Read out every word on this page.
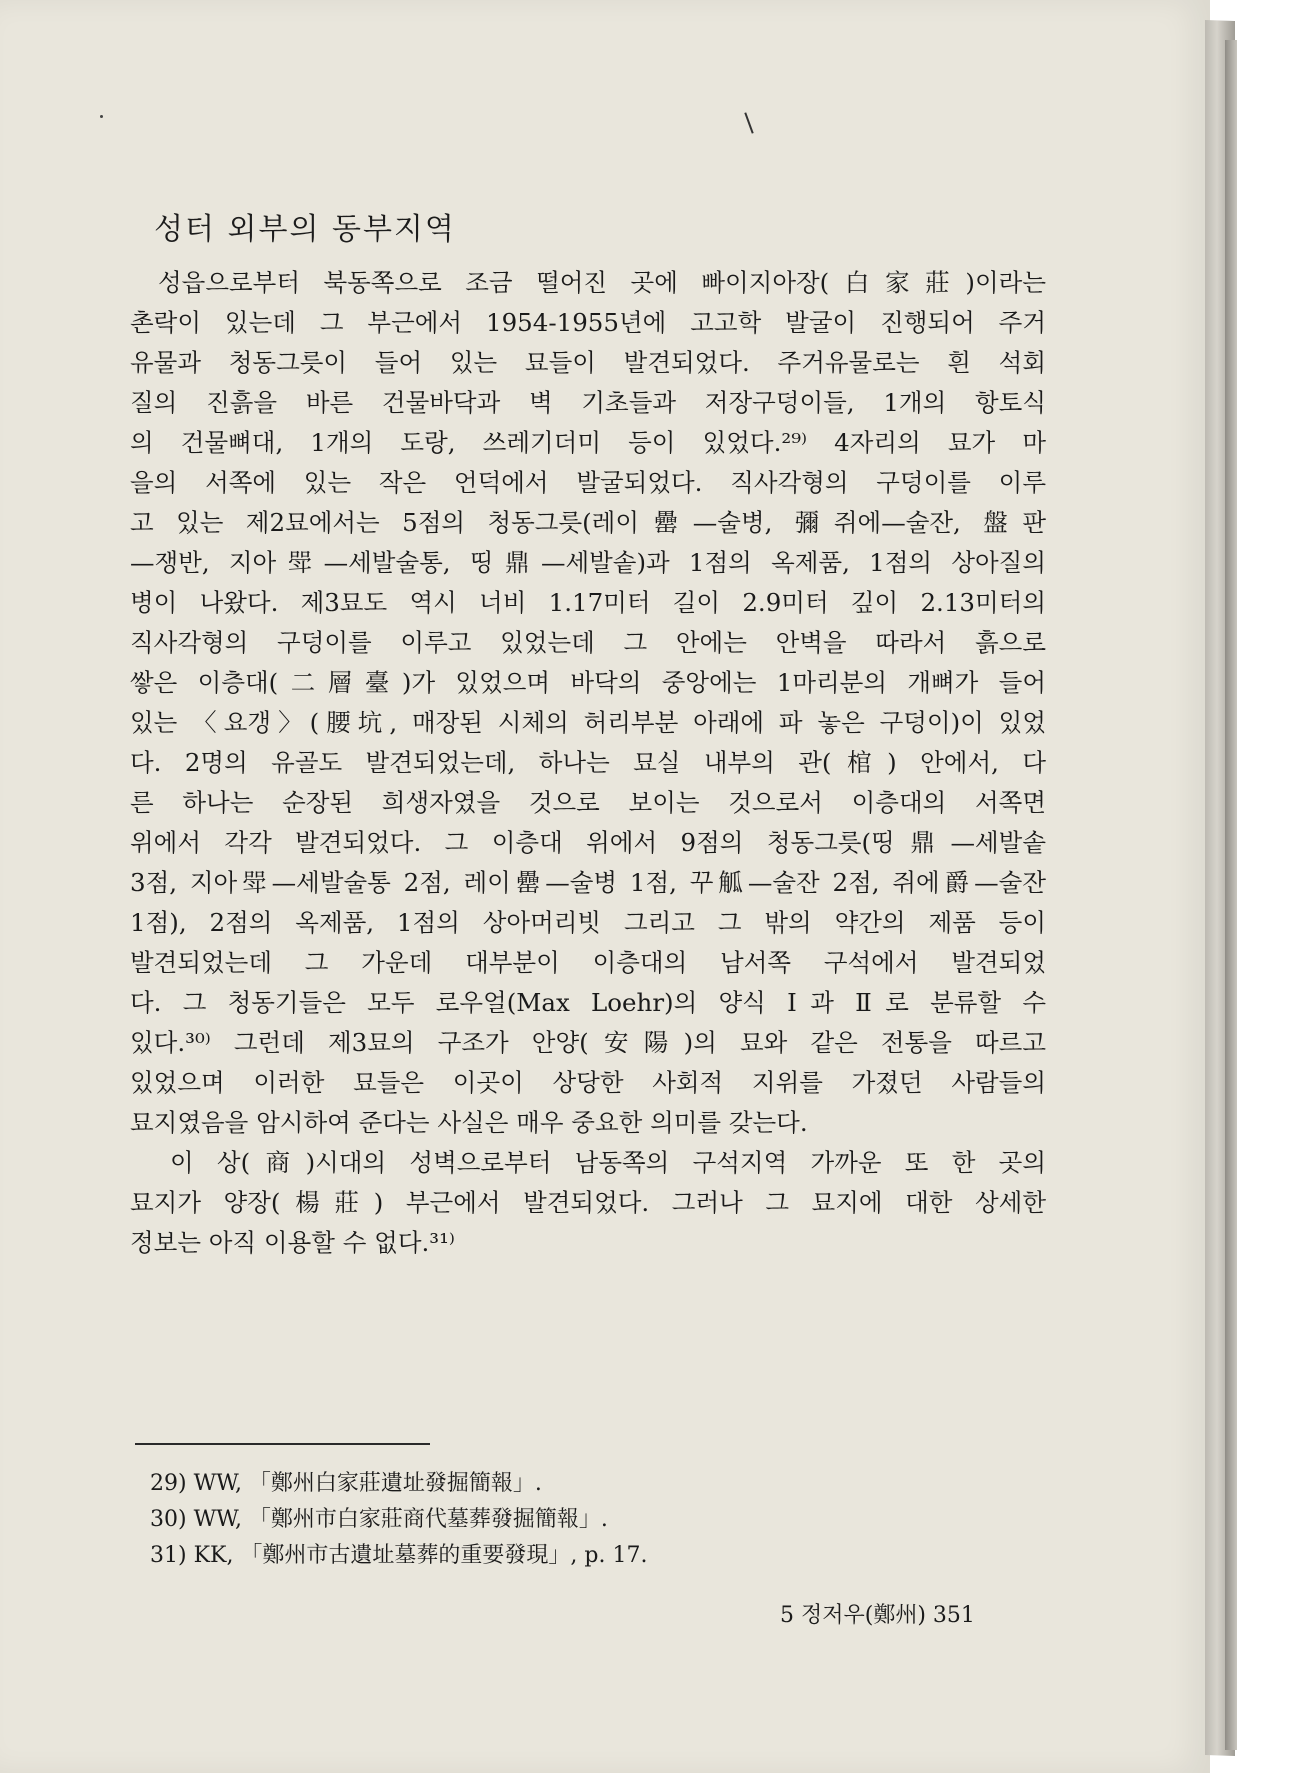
성터 외부의 동부지역
성읍으로부터 북동쪽으로 조금 떨어진 곳에 빠이지아장(白家莊)이라는
촌락이 있는데 그 부근에서 1954-1955년에 고고학 발굴이 진행되어 주거
유물과 청동그릇이 들어 있는 묘들이 발견되었다. 주거유물로는 흰 석회
질의 진흙을 바른 건물바닥과 벽 기초들과 저장구덩이들, 1개의 항토식
의 건물뼈대, 1개의 도랑, 쓰레기더미 등이 있었다.²⁹⁾ 4자리의 묘가 마
을의 서쪽에 있는 작은 언덕에서 발굴되었다. 직사각형의 구덩이를 이루
고 있는 제2묘에서는 5점의 청동그릇(레이罍—술병, 彌쥐에—술잔, 盤판
—쟁반, 지아斝—세발술통, 띵鼎—세발솥)과 1점의 옥제품, 1점의 상아질의
병이 나왔다. 제3묘도 역시 너비 1.17미터 길이 2.9미터 깊이 2.13미터의
직사각형의 구덩이를 이루고 있었는데 그 안에는 안벽을 따라서 흙으로
쌓은 이층대(二層臺)가 있었으며 바닥의 중앙에는 1마리분의 개뼈가 들어
있는 〈요갱〉(腰坑, 매장된 시체의 허리부분 아래에 파 놓은 구덩이)이 있었
다. 2명의 유골도 발견되었는데, 하나는 묘실 내부의 관(棺) 안에서, 다
른 하나는 순장된 희생자였을 것으로 보이는 것으로서 이층대의 서쪽면
위에서 각각 발견되었다. 그 이층대 위에서 9점의 청동그릇(띵鼎—세발솥
3점, 지아斝—세발술통 2점, 레이罍—술병 1점, 꾸觚—술잔 2점, 쥐에爵—술잔
1점), 2점의 옥제품, 1점의 상아머리빗 그리고 그 밖의 약간의 제품 등이
발견되었는데 그 가운데 대부분이 이층대의 남서쪽 구석에서 발견되었
다. 그 청동기들은 모두 로우얼(Max Loehr)의 양식 Ⅰ과 Ⅱ로 분류할 수
있다.³⁰⁾ 그런데 제3묘의 구조가 안양(安陽)의 묘와 같은 전통을 따르고
있었으며 이러한 묘들은 이곳이 상당한 사회적 지위를 가졌던 사람들의
묘지였음을 암시하여 준다는 사실은 매우 중요한 의미를 갖는다.
　이 상(商)시대의 성벽으로부터 남동쪽의 구석지역 가까운 또 한 곳의
묘지가 양장(楊莊) 부근에서 발견되었다. 그러나 그 묘지에 대한 상세한
정보는 아직 이용할 수 없다.³¹⁾
29) WW, 「鄭州白家莊遺址發掘簡報」.
30) WW, 「鄭州市白家莊商代墓葬發掘簡報」.
31) KK, 「鄭州市古遺址墓葬的重要發現」, p. 17.
5 정저우(鄭州) 351
